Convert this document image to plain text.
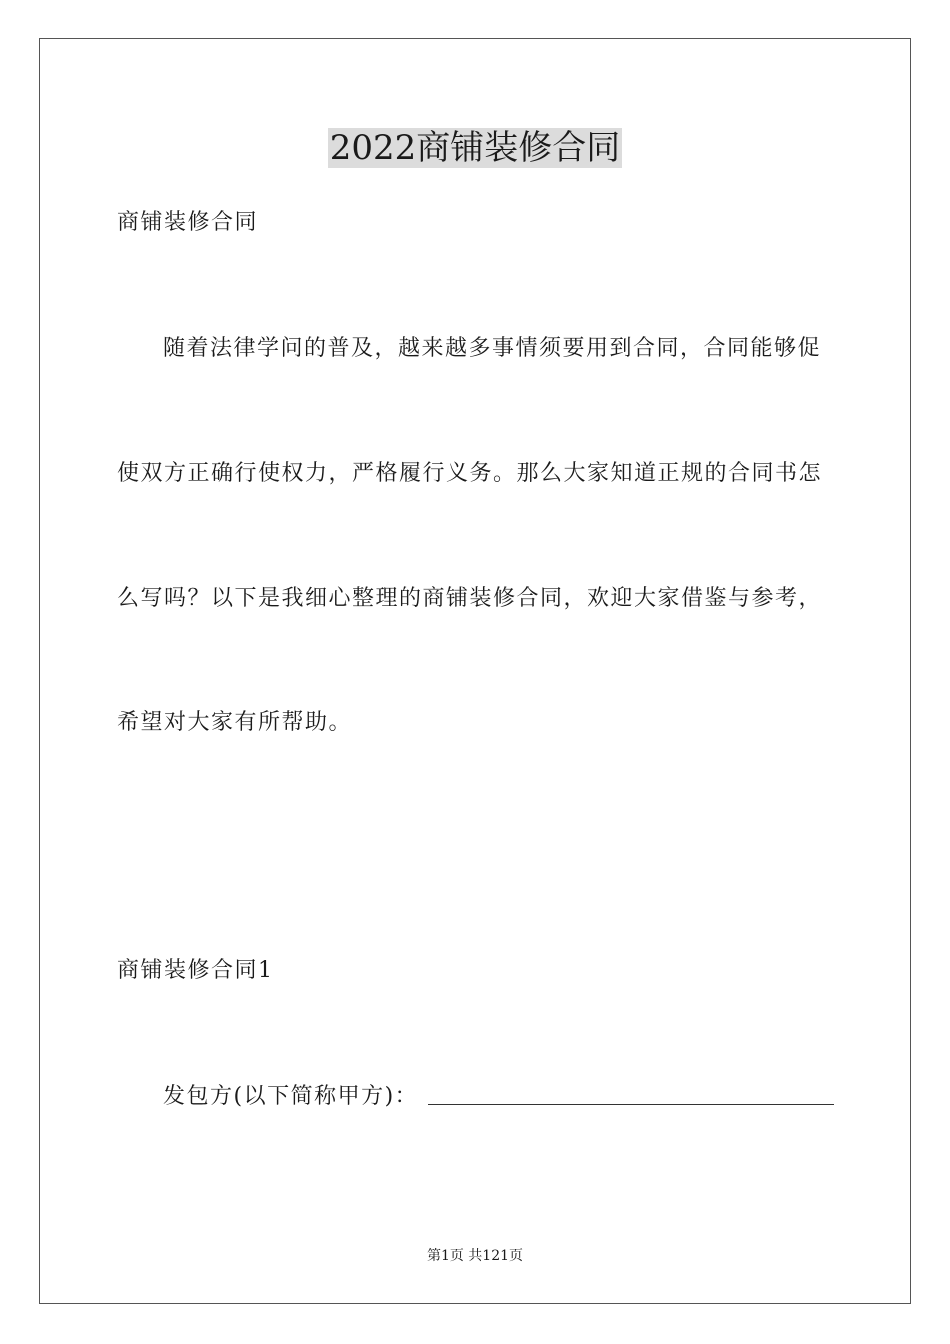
2022商铺装修合同
商铺装修合同
随着法律学问的普及，越来越多事情须要用到合同，合同能够促
使双方正确行使权力，严格履行义务。那么大家知道正规的合同书怎
么写吗？以下是我细心整理的商铺装修合同，欢迎大家借鉴与参考，
希望对大家有所帮助。
商铺装修合同1
发包方(以下简称甲方)：
第1页 共121页
